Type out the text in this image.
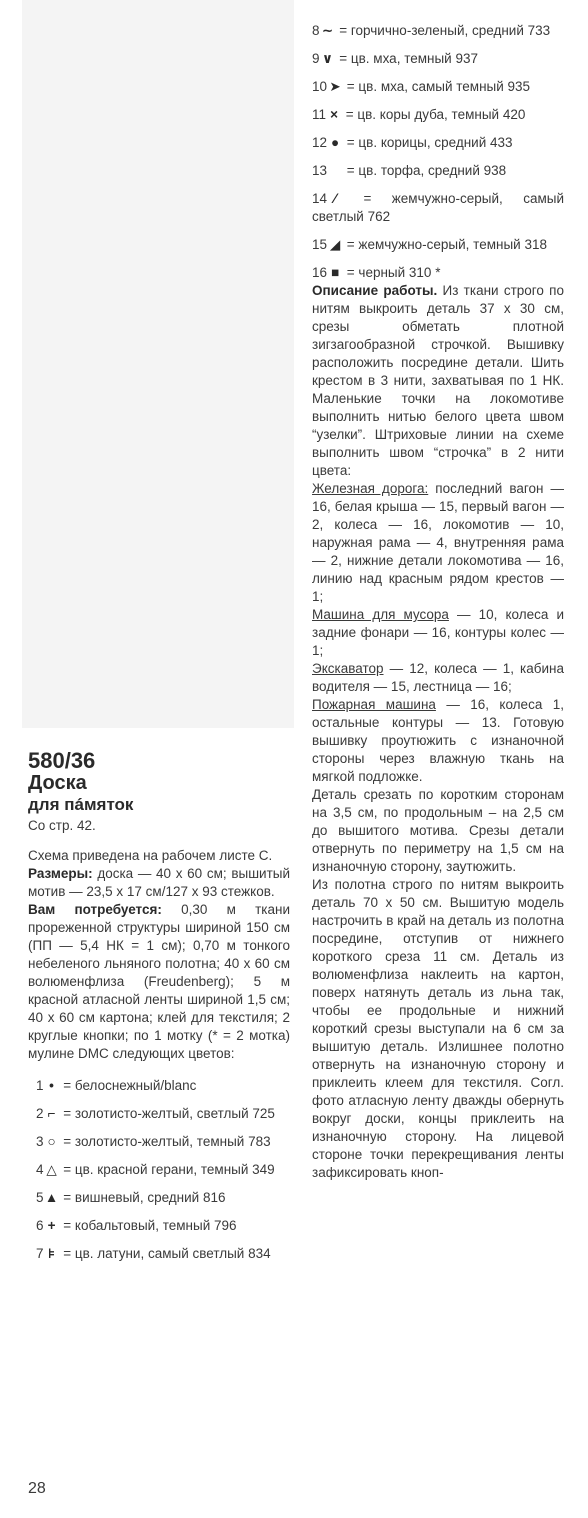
580/36
Доска
для пáмяток
Со стр. 42.

Схема приведена на рабочем листе С.

Размеры: доска — 40 х 60 см; вышитый мотив — 23,5 х 17 см/127 х 93 стежков.

Вам потребуется: 0,30 м ткани прореженной структуры шириной 150 см (ПП — 5,4 НК = 1 см); 0,70 м тонкого небеленого льняного полотна; 40 х 60 см волюменфлиза (Freudenberg); 5 м красной атласной ленты шириной 1,5 см; 40 х 60 см картона; клей для текстиля; 2 круглые кнопки; по 1 мотку (* = 2 мотка) мулине DMC следующих цветов:

1 • = белоснежный/blanc
2 ⌐ = золотисто-желтый, светлый 725
3 ○ = золотисто-желтый, темный 783
4 △ = цв. красной герани, темный 349
5▲ = вишневый, средний 816
6 + = кобальтовый, темный 796
7 ⊧ = цв. латуни, самый светлый 834
8 ∼ = горчично-зеленый, средний 733
9 ∨ = цв. мха, темный 937
10 ➤ = цв. мха, самый темный 935
11 × = цв. коры дуба, темный 420
12 ● = цв. корицы, средний 433
13 = цв. торфа, средний 938
14 ⁄ = жемчужно-серый, самый светлый 762
15 ◢ = жемчужно-серый, темный 318
16 ■ = черный 310 *

Описание работы. Из ткани строго по нитям выкроить деталь 37 х 30 см, срезы обметать плотной зигзагообразной строчкой. Вышивку расположить посредине детали. Шить крестом в 3 нити, захватывая по 1 НК. Маленькие точки на локомотиве выполнить нитью белого цвета швом “узелки”. Штриховые линии на схеме выполнить швом “строчка” в 2 нити цвета:

Железная дорога: последний вагон — 16, белая крыша — 15, первый вагон — 2, колеса — 16, локомотив — 10, наружная рама — 4, внутренняя рама — 2, нижние детали локомотива — 16, линию над красным рядом крестов — 1;

Машина для мусора — 10, колеса и задние фонари — 16, контуры колес — 1;

Экскаватор — 12, колеса — 1, кабина водителя — 15, лестница — 16;

Пожарная машина — 16, колеса 1, остальные контуры — 13. Готовую вышивку проутюжить с изнаночной стороны через влажную ткань на мягкой подложке.

Деталь срезать по коротким сторонам на 3,5 см, по продольным – на 2,5 см до вышитого мотива. Срезы детали отвернуть по периметру на 1,5 см на изнаночную сторону, заутюжить.

Из полотна строго по нитям выкроить деталь 70 х 50 см. Вышитую модель настрочить в край на деталь из полотна посредине, отступив от нижнего короткого среза 11 см. Деталь из волюменфлиза наклеить на картон, поверх натянуть деталь из льна так, чтобы ее продольные и нижний короткий срезы выступали на 6 см за вышитую деталь. Излишнее полотно отвернуть на изнаночную сторону и приклеить клеем для текстиля. Согл. фото атласную ленту дважды обернуть вокруг доски, концы приклеить на изнаночную сторону. На лицевой стороне точки перекрещивания ленты зафиксировать кноп-

28
